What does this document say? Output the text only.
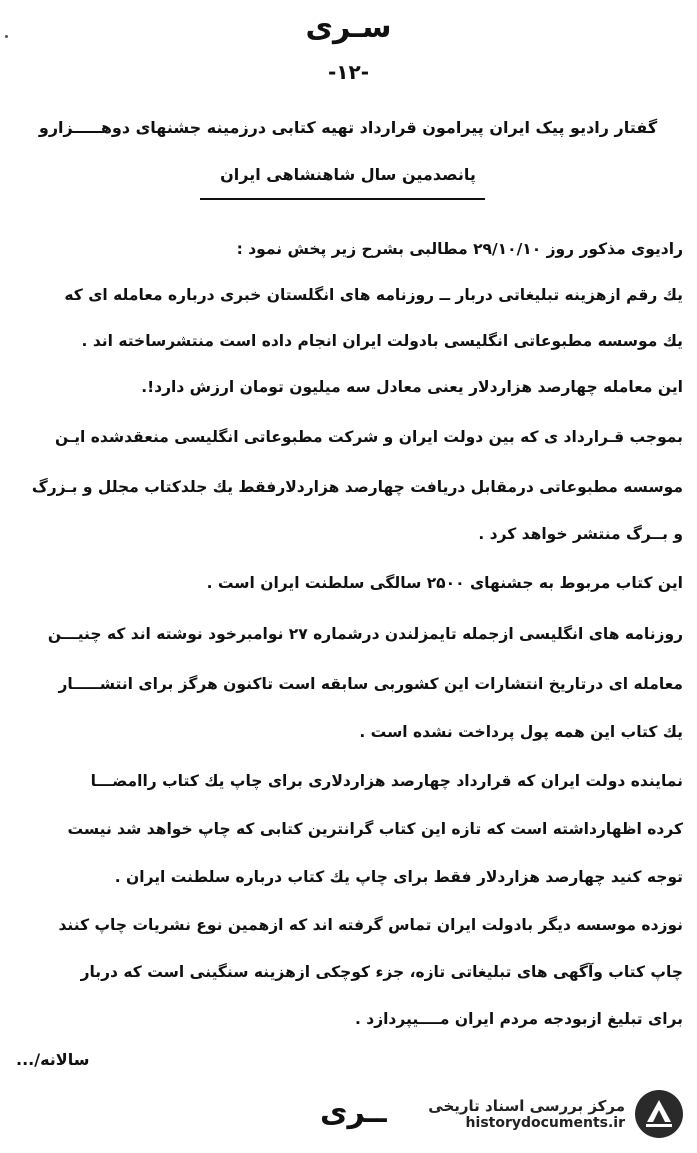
سـری
-۱۲-
گفتار رادیو پیک ایران پیرامون قرارداد تهیه کتابی درزمینه جشنهای دوهـــــزارو
پانصدمین سال شاهنشاهی ایران
رادیوی مذکور روز ۲۹/۱۰/۱۰ مطالبی بشرح زیر پخش نمود :
یك رقم ازهزینه تبلیغاتی دربار ــ روزنامه های انگلستان خبری درباره معامله ای که
یك موسسه مطبوعاتی انگلیسی بادولت ایران انجام داده است منتشرساخته اند .
این معامله چهارصد هزاردلار یعنی معادل سه میلیون تومان ارزش دارد!.
بموجب قـرارداد ی که بین دولت ایران و شرکت مطبوعاتی انگلیسی منعقدشده ایـن
موسسه مطبوعاتی درمقابل دریافت چهارصد هزاردلارفقط یك جلدکتاب مجلل و بـزرگ
و بــرگ منتشر خواهد کرد .
این کتاب مربوط به جشنهای ۲۵۰۰ سالگی سلطنت ایران است .
روزنامه های انگلیسی ازجمله تایمزلندن درشماره ۲۷ نوامبرخود نوشته اند که چنیـــن
معامله ای درتاریخ انتشارات این کشوربی سابقه است تاکنون هرگز برای انتشـــــار
یك کتاب این همه پول پرداخت نشده است .
نماینده دولت ایران که قرارداد چهارصد هزاردلاری برای چاپ یك کتاب راامضـــا
کرده اظهارداشته است که تازه این کتاب گرانترین کتابی که چاپ خواهد شد نیست
توجه کنید چهارصد هزاردلار فقط برای چاپ یك کتاب درباره سلطنت ایران .
نوزده موسسه دیگر بادولت ایران تماس گرفته اند که ازهمین نوع نشریات چاپ کنند
چاپ کتاب وآگهی های تبلیغاتی تازه، جزء کوچکی ازهزینه سنگینی است که دربار
برای تبلیغ ازبودجه مردم ایران مــــیپردازد .
سالانه/...
ــری	مرکز بررسی اسناد تاریخی
historydocuments.ir
